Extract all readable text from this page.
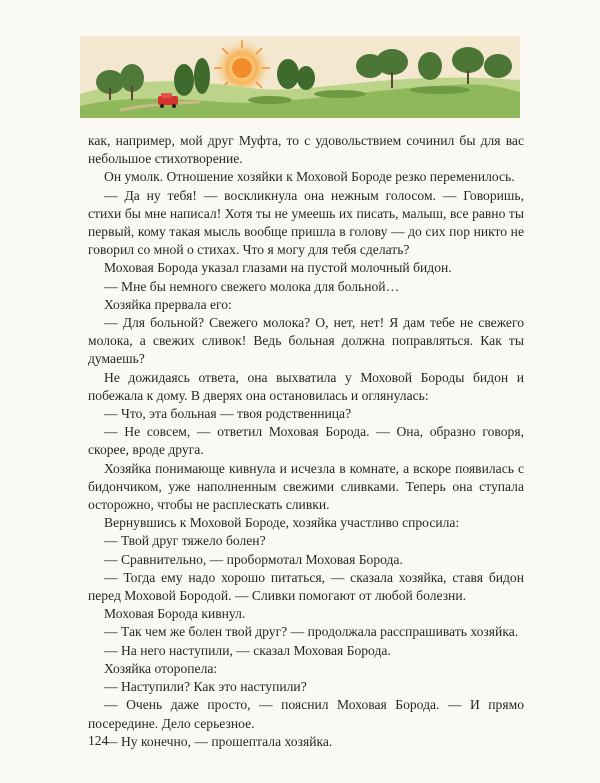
как, например, мой друг Муфта, то с удовольствием сочинил бы для вас небольшое стихотворение.

Он умолк. Отношение хозяйки к Моховой Бороде резко переменилось.

— Да ну тебя! — воскликнула она нежным голосом. — Говоришь, стихи бы мне написал! Хотя ты не умеешь их писать, малыш, все равно ты первый, кому такая мысль вообще пришла в голову — до сих пор никто не говорил со мной о стихах. Что я могу для тебя сделать?

Моховая Борода указал глазами на пустой молочный бидон.

— Мне бы немного свежего молока для больной…

Хозяйка прервала его:

— Для больной? Свежего молока? О, нет, нет! Я дам тебе не свежего молока, а свежих сливок! Ведь больная должна поправляться. Как ты думаешь?

Не дожидаясь ответа, она выхватила у Моховой Бороды бидон и побежала к дому. В дверях она остановилась и оглянулась:

— Что, эта больная — твоя родственница?

— Не совсем, — ответил Моховая Борода. — Она, образно говоря, скорее, вроде друга.

Хозяйка понимающе кивнула и исчезла в комнате, а вскоре появилась с бидончиком, уже наполненным свежими сливками. Теперь она ступала осторожно, чтобы не расплескать сливки.

Вернувшись к Моховой Бороде, хозяйка участливо спросила:

— Твой друг тяжело болен?

— Сравнительно, — пробормотал Моховая Борода.

— Тогда ему надо хорошо питаться, — сказала хозяйка, ставя бидон перед Моховой Бородой. — Сливки помогают от любой болезни.

Моховая Борода кивнул.

— Так чем же болен твой друг? — продолжала расспрашивать хозяйка.

— На него наступили, — сказал Моховая Борода.

Хозяйка оторопела:

— Наступили? Как это наступили?

— Очень даже просто, — пояснил Моховая Борода. — И прямо посередине. Дело серьезное.

— Ну конечно, — прошептала хозяйка.

124
